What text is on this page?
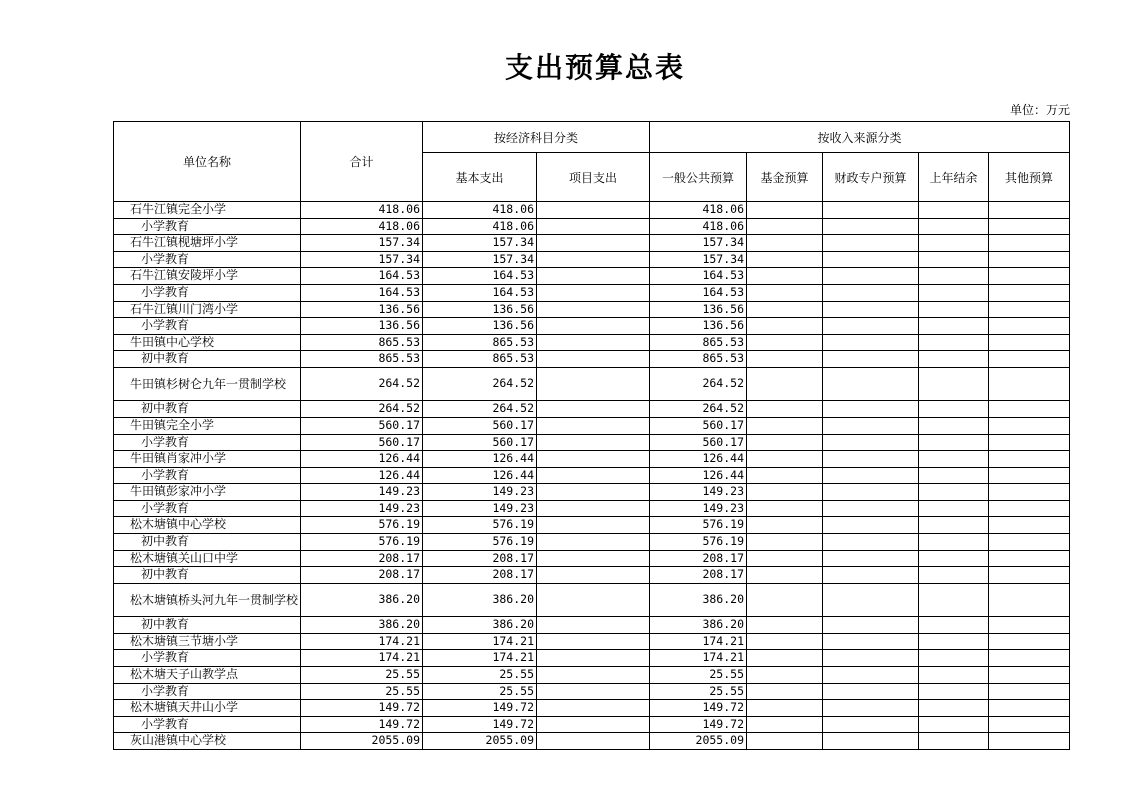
支出预算总表
单位：万元
单位名称	合计	按经济科目分类		按收入来源分类				
		基本支出	项目支出	一般公共预算	基金预算	财政专户预算	上年结余	其他预算
石牛江镇完全小学	418.06	418.06		418.06				
小学教育	418.06	418.06		418.06				
石牛江镇枧塘坪小学	157.34	157.34		157.34				
小学教育	157.34	157.34		157.34				
石牛江镇安陵坪小学	164.53	164.53		164.53				
小学教育	164.53	164.53		164.53				
石牛江镇川门湾小学	136.56	136.56		136.56				
小学教育	136.56	136.56		136.56				
牛田镇中心学校	865.53	865.53		865.53				
初中教育	865.53	865.53		865.53				
牛田镇杉树仑九年一贯制学校	264.52	264.52		264.52				
初中教育	264.52	264.52		264.52				
牛田镇完全小学	560.17	560.17		560.17				
小学教育	560.17	560.17		560.17				
牛田镇肖家冲小学	126.44	126.44		126.44				
小学教育	126.44	126.44		126.44				
牛田镇彭家冲小学	149.23	149.23		149.23				
小学教育	149.23	149.23		149.23				
松木塘镇中心学校	576.19	576.19		576.19				
初中教育	576.19	576.19		576.19				
松木塘镇关山口中学	208.17	208.17		208.17				
初中教育	208.17	208.17		208.17				
松木塘镇桥头河九年一贯制学校	386.20	386.20		386.20				
初中教育	386.20	386.20		386.20				
松木塘镇三节塘小学	174.21	174.21		174.21				
小学教育	174.21	174.21		174.21				
松木塘天子山教学点	25.55	25.55		25.55				
小学教育	25.55	25.55		25.55				
松木塘镇天井山小学	149.72	149.72		149.72				
小学教育	149.72	149.72		149.72				
灰山港镇中心学校	2055.09	2055.09		2055.09				
